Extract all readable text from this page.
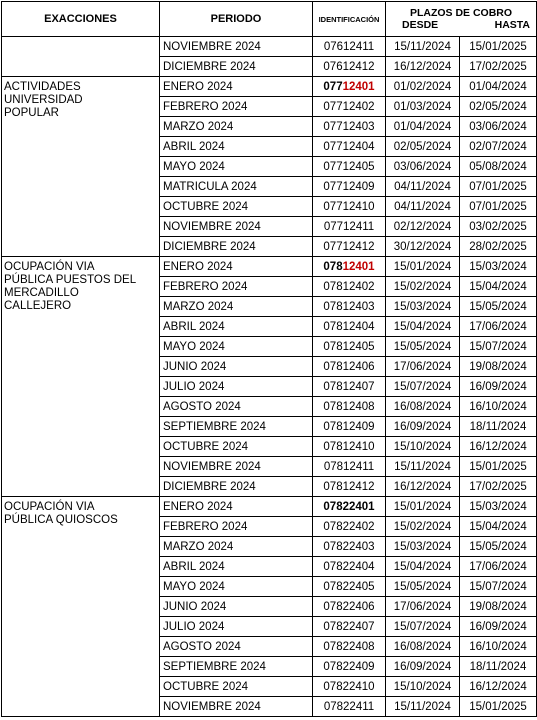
EXACCIONES	PERIODO	IDENTIFICACIÓN	PLAZOS DE COBRO
DESDE HASTA	

	NOVIEMBRE 2024	07612411	15/11/2024	15/01/2025
	DICIEMBRE 2024	07612412	16/12/2024	17/02/2025

ACTIVIDADES
UNIVERSIDAD
POPULAR	ENERO 2024	07712401	01/02/2024	01/04/2024
	FEBRERO 2024	07712402	01/03/2024	02/05/2024
	MARZO 2024	07712403	01/04/2024	03/06/2024
	ABRIL 2024	07712404	02/05/2024	02/07/2024
	MAYO 2024	07712405	03/06/2024	05/08/2024
	MATRICULA 2024	07712409	04/11/2024	07/01/2025
	OCTUBRE 2024	07712410	04/11/2024	07/01/2025
	NOVIEMBRE 2024	07712411	02/12/2024	03/02/2025
	DICIEMBRE 2024	07712412	30/12/2024	28/02/2025

OCUPACIÓN VIA
PÚBLICA PUESTOS DEL
MERCADILLO
CALLEJERO	ENERO 2024	07812401	15/01/2024	15/03/2024
	FEBRERO 2024	07812402	15/02/2024	15/04/2024
	MARZO 2024	07812403	15/03/2024	15/05/2024
	ABRIL 2024	07812404	15/04/2024	17/06/2024
	MAYO 2024	07812405	15/05/2024	15/07/2024
	JUNIO 2024	07812406	17/06/2024	19/08/2024
	JULIO 2024	07812407	15/07/2024	16/09/2024
	AGOSTO 2024	07812408	16/08/2024	16/10/2024
	SEPTIEMBRE 2024	07812409	16/09/2024	18/11/2024
	OCTUBRE 2024	07812410	15/10/2024	16/12/2024
	NOVIEMBRE 2024	07812411	15/11/2024	15/01/2025
	DICIEMBRE 2024	07812412	16/12/2024	17/02/2025

OCUPACIÓN VIA
PÚBLICA QUIOSCOS	ENERO 2024	07822401	15/01/2024	15/03/2024
	FEBRERO 2024	07822402	15/02/2024	15/04/2024
	MARZO 2024	07822403	15/03/2024	15/05/2024
	ABRIL 2024	07822404	15/04/2024	17/06/2024
	MAYO 2024	07822405	15/05/2024	15/07/2024
	JUNIO 2024	07822406	17/06/2024	19/08/2024
	JULIO 2024	07822407	15/07/2024	16/09/2024
	AGOSTO 2024	07822408	16/08/2024	16/10/2024
	SEPTIEMBRE 2024	07822409	16/09/2024	18/11/2024
	OCTUBRE 2024	07822410	15/10/2024	16/12/2024
	NOVIEMBRE 2024	07822411	15/11/2024	15/01/2025
